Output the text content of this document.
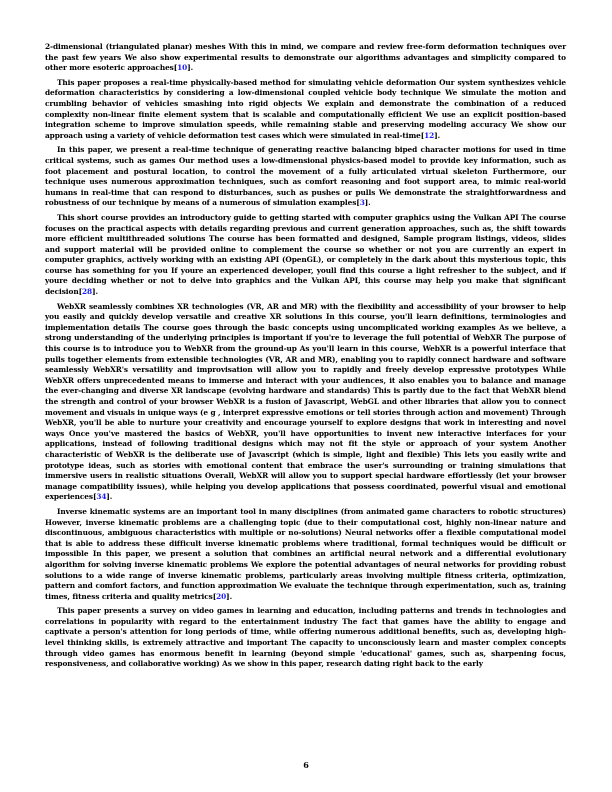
2-dimensional (triangulated planar) meshes With this in mind, we compare and review free-form deformation techniques over the past few years We also show experimental results to demonstrate our algorithms advantages and simplicity compared to other more esoteric approaches[10].

This paper proposes a real-time physically-based method for simulating vehicle deformation Our system synthesizes vehicle deformation characteristics by considering a low-dimensional coupled vehicle body technique We simulate the motion and crumbling behavior of vehicles smashing into rigid objects We explain and demonstrate the combination of a reduced complexity non-linear finite element system that is scalable and computationally efficient We use an explicit position-based integration scheme to improve simulation speeds, while remaining stable and preserving modeling accuracy We show our approach using a variety of vehicle deformation test cases which were simulated in real-time[12].

In this paper, we present a real-time technique of generating reactive balancing biped character motions for used in time critical systems, such as games Our method uses a low-dimensional physics-based model to provide key information, such as foot placement and postural location, to control the movement of a fully articulated virtual skeleton Furthermore, our technique uses numerous approximation techniques, such as comfort reasoning and foot support area, to mimic real-world humans in real-time that can respond to disturbances, such as pushes or pulls We demonstrate the straightforwardness and robustness of our technique by means of a numerous of simulation examples[3].

This short course provides an introductory guide to getting started with computer graphics using the Vulkan API The course focuses on the practical aspects with details regarding previous and current generation approaches, such as, the shift towards more efficient multithreaded solutions The course has been formatted and designed, Sample program listings, videos, slides and support material will be provided online to complement the course so whether or not you are currently an expert in computer graphics, actively working with an existing API (OpenGL), or completely in the dark about this mysterious topic, this course has something for you If youre an experienced developer, youll find this course a light refresher to the subject, and if youre deciding whether or not to delve into graphics and the Vulkan API, this course may help you make that significant decision[28].

WebXR seamlessly combines XR technologies (VR, AR and MR) with the flexibility and accessibility of your browser to help you easily and quickly develop versatile and creative XR solutions In this course, you'll learn definitions, terminologies and implementation details The course goes through the basic concepts using uncomplicated working examples As we believe, a strong understanding of the underlying principles is important if you're to leverage the full potential of WebXR The purpose of this course is to introduce you to WebXR from the ground-up As you'll learn in this course, WebXR is a powerful interface that pulls together elements from extensible technologies (VR, AR and MR), enabling you to rapidly connect hardware and software seamlessly WebXR's versatility and improvisation will allow you to rapidly and freely develop expressive prototypes While WebXR offers unprecedented means to immerse and interact with your audiences, it also enables you to balance and manage the ever-changing and diverse XR landscape (evolving hardware and standards) This is partly due to the fact that WebXR blend the strength and control of your browser WebXR is a fusion of Javascript, WebGL and other libraries that allow you to connect movement and visuals in unique ways (e g , interpret expressive emotions or tell stories through action and movement) Through WebXR, you'll be able to nurture your creativity and encourage yourself to explore designs that work in interesting and novel ways Once you've mastered the basics of WebXR, you'll have opportunities to invent new interactive interfaces for your applications, instead of following traditional designs which may not fit the style or approach of your system Another characteristic of WebXR is the deliberate use of Javascript (which is simple, light and flexible) This lets you easily write and prototype ideas, such as stories with emotional content that embrace the user's surrounding or training simulations that immersive users in realistic situations Overall, WebXR will allow you to support special hardware effortlessly (let your browser manage compatibility issues), while helping you develop applications that possess coordinated, powerful visual and emotional experiences[34].

Inverse kinematic systems are an important tool in many disciplines (from animated game characters to robotic structures) However, inverse kinematic problems are a challenging topic (due to their computational cost, highly non-linear nature and discontinuous, ambiguous characteristics with multiple or no-solutions) Neural networks offer a flexible computational model that is able to address these difficult inverse kinematic problems where traditional, formal techniques would be difficult or impossible In this paper, we present a solution that combines an artificial neural network and a differential evolutionary algorithm for solving inverse kinematic problems We explore the potential advantages of neural networks for providing robust solutions to a wide range of inverse kinematic problems, particularly areas involving multiple fitness criteria, optimization, pattern and comfort factors, and function approximation We evaluate the technique through experimentation, such as, training times, fitness criteria and quality metrics[20].

This paper presents a survey on video games in learning and education, including patterns and trends in technologies and correlations in popularity with regard to the entertainment industry The fact that games have the ability to engage and captivate a person's attention for long periods of time, while offering numerous additional benefits, such as, developing high-level thinking skills, is extremely attractive and important The capacity to unconsciously learn and master complex concepts through video games has enormous benefit in learning (beyond simple 'educational' games, such as, sharpening focus, responsiveness, and collaborative working) As we show in this paper, research dating right back to the early

6
